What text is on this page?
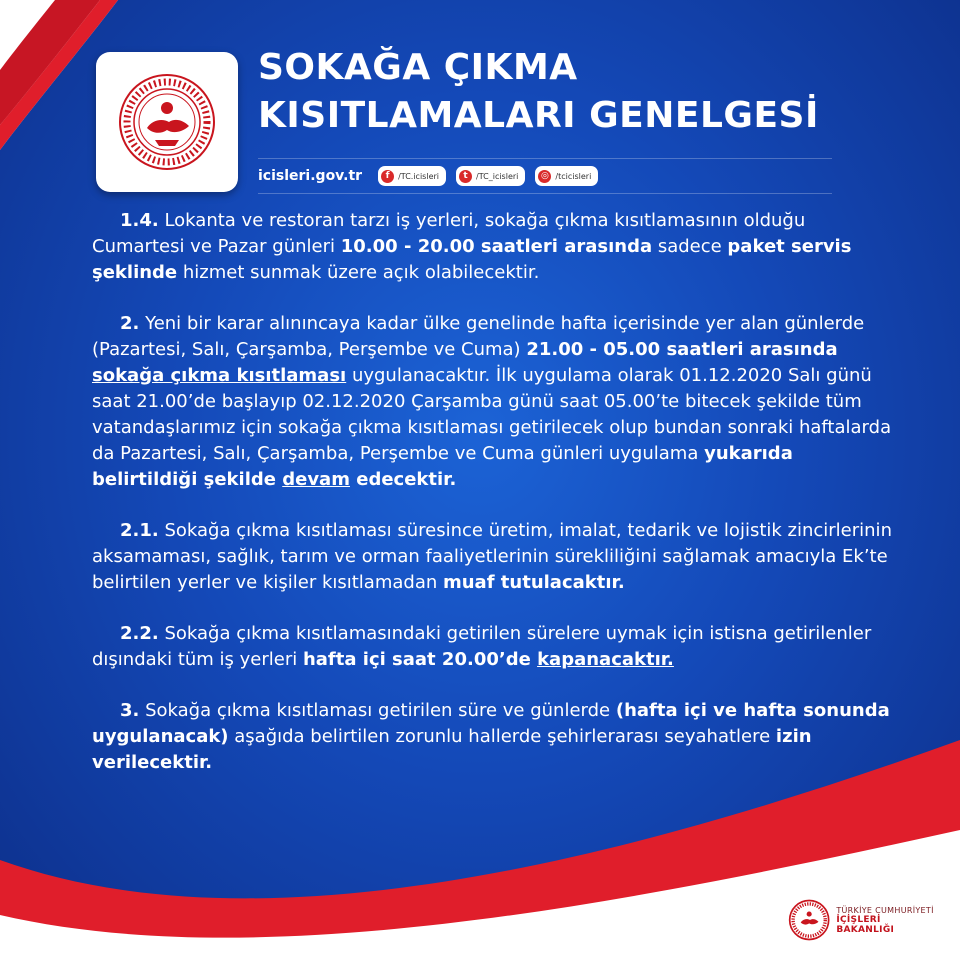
SOKAĞA ÇIKMA
KISITLAMALARI GENELGESİ
icisleri.gov.tr	f	/TC.icisleri	t	/TC_icisleri	◎ /tcicisleri

1.4. Lokanta ve restoran tarzı iş yerleri, sokağa çıkma kısıtlamasının olduğu Cumartesi ve Pazar günleri 10.00 - 20.00 saatleri arasında sadece paket servis şeklinde hizmet sunmak üzere açık olabilecektir.

2. Yeni bir karar alınıncaya kadar ülke genelinde hafta içerisinde yer alan günlerde (Pazartesi, Salı, Çarşamba, Perşembe ve Cuma) 21.00 - 05.00 saatleri arasında sokağa çıkma kısıtlaması uygulanacaktır. İlk uygulama olarak 01.12.2020 Salı günü saat 21.00’de başlayıp 02.12.2020 Çarşamba günü saat 05.00’te bitecek şekilde tüm vatandaşlarımız için sokağa çıkma kısıtlaması getirilecek olup bundan sonraki haftalarda da Pazartesi, Salı, Çarşamba, Perşembe ve Cuma günleri uygulama yukarıda belirtildiği şekilde devam edecektir.

2.1. Sokağa çıkma kısıtlaması süresince üretim, imalat, tedarik ve lojistik zincirlerinin aksamaması, sağlık, tarım ve orman faaliyetlerinin sürekliliğini sağlamak amacıyla Ek’te belirtilen yerler ve kişiler kısıtlamadan muaf tutulacaktır.

2.2. Sokağa çıkma kısıtlamasındaki getirilen sürelere uymak için istisna getirilenler dışındaki tüm iş yerleri hafta içi saat 20.00’de kapanacaktır.

3. Sokağa çıkma kısıtlaması getirilen süre ve günlerde (hafta içi ve hafta sonunda uygulanacak) aşağıda belirtilen zorunlu hallerde şehirlerarası seyahatlere izin verilecektir.

TÜRKİYE CUMHURİYETİ
İÇİŞLERİ BAKANLIĞI
